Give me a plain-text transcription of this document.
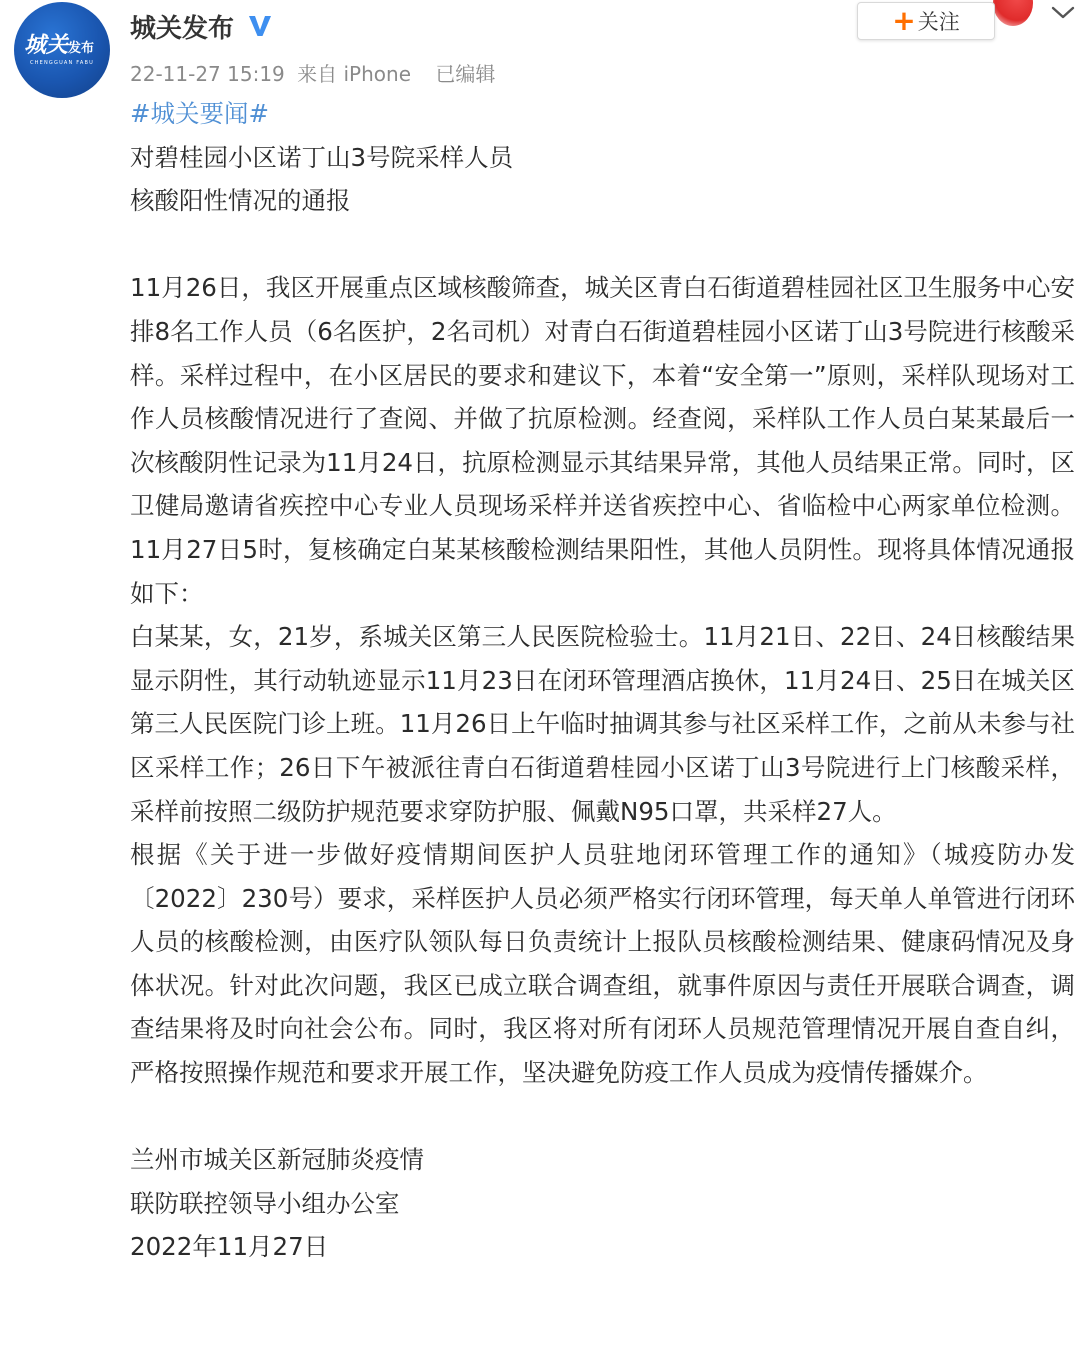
城关发布
CHENGGUAN FABU
城关发布
22-11-27 15:19 来自 iPhone 已编辑
+ 关注

#城关要闻#

对碧桂园小区诺丁山3号院采样人员

核酸阳性情况的通报

11月26日，我区开展重点区域核酸筛查，城关区青白石街道碧桂园社区卫生服务中心安排8名工作人员（6名医护，2名司机）对青白石街道碧桂园小区诺丁山3号院进行核酸采样。采样过程中，在小区居民的要求和建议下，本着“安全第一”原则，采样队现场对工作人员核酸情况进行了查阅、并做了抗原检测。经查阅，采样队工作人员白某某最后一次核酸阴性记录为11月24日，抗原检测显示其结果异常，其他人员结果正常。同时，区卫健局邀请省疾控中心专业人员现场采样并送省疾控中心、省临检中心两家单位检测。11月27日5时，复核确定白某某核酸检测结果阳性，其他人员阴性。现将具体情况通报如下：

白某某，女，21岁，系城关区第三人民医院检验士。11月21日、22日、24日核酸结果显示阴性，其行动轨迹显示11月23日在闭环管理酒店换休，11月24日、25日在城关区第三人民医院门诊上班。11月26日上午临时抽调其参与社区采样工作，之前从未参与社区采样工作；26日下午被派往青白石街道碧桂园小区诺丁山3号院进行上门核酸采样，采样前按照二级防护规范要求穿防护服、佩戴N95口罩，共采样27人。

根据《关于进一步做好疫情期间医护人员驻地闭环管理工作的通知》（城疫防办发〔2022〕230号）要求，采样医护人员必须严格实行闭环管理，每天单人单管进行闭环人员的核酸检测，由医疗队领队每日负责统计上报队员核酸检测结果、健康码情况及身体状况。针对此次问题，我区已成立联合调查组，就事件原因与责任开展联合调查，调查结果将及时向社会公布。同时，我区将对所有闭环人员规范管理情况开展自查自纠，严格按照操作规范和要求开展工作，坚决避免防疫工作人员成为疫情传播媒介。

兰州市城关区新冠肺炎疫情

联防联控领导小组办公室

2022年11月27日
